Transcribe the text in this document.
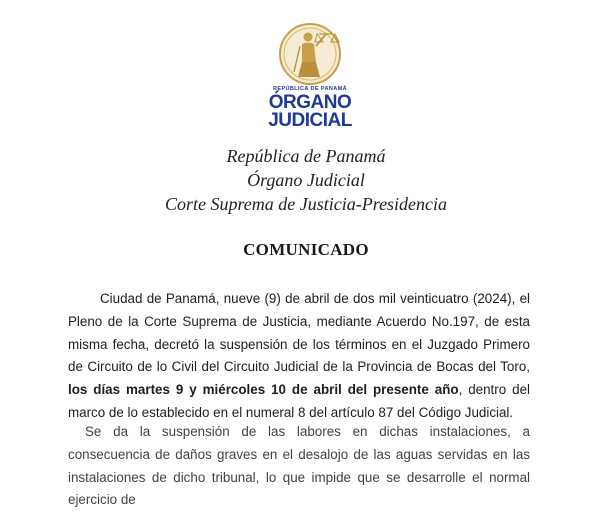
REPÚBLICA DE PANAMÁ
ÓRGANO
JUDICIAL
República de Panamá
Órgano Judicial
Corte Suprema de Justicia-Presidencia
COMUNICADO

Ciudad de Panamá, nueve (9) de abril de dos mil veinticuatro (2024), el Pleno de la Corte Suprema de Justicia, mediante Acuerdo No.197, de esta misma fecha, decretó la suspensión de los términos en el Juzgado Primero de Circuito de lo Civil del Circuito Judicial de la Provincia de Bocas del Toro, los días martes 9 y miércoles 10 de abril del presente año, dentro del marco de lo establecido en el numeral 8 del artículo 87 del Código Judicial.

Se da la suspensión de las labores en dichas instalaciones, a consecuencia de daños graves en el desalojo de las aguas servidas en las instalaciones de dicho tribunal, lo que impide que se desarrolle el normal ejercicio de
